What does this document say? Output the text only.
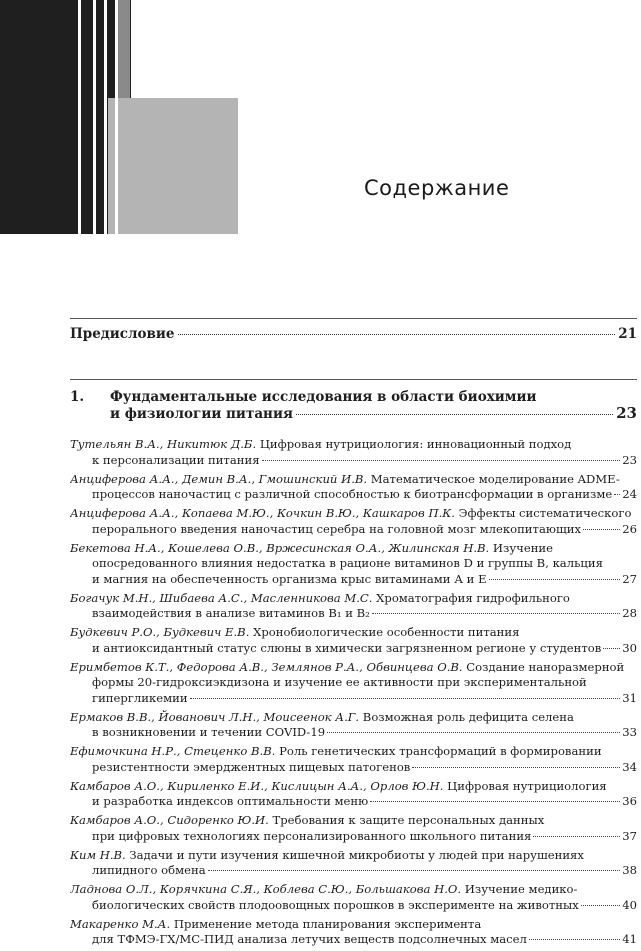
Содержание
Предисловие	21
1.	Фундаментальные исследования в области биохимии
и физиологии питания	23
Тутельян В.А., Никитюк Д.Б. Цифровая нутрициология: инновационный подход
к персонализации питания	23
Анциферова А.А., Демин В.А., Гмошинский И.В. Математическое моделирование ADME-
процессов наночастиц с различной способностью к биотрансформации в организме 24
Анциферова А.А., Копаева М.Ю., Кочкин В.Ю., Кашкаров П.К. Эффекты систематического
перорального введения наночастиц серебра на головной мозг млекопитающих	26
Бекетова Н.А., Кошелева О.В., Вржесинская О.А., Жилинская Н.В. Изучение
опосредованного влияния недостатка в рационе витаминов D и группы B, кальция
и магния на обеспеченность организма крыс витаминами А и Е	27
Богачук М.Н., Шибаева А.С., Масленникова М.С. Хроматография гидрофильного
взаимодействия в анализе витаминов B₁ и B₂	28
Будкевич Р.О., Будкевич Е.В. Хронобиологические особенности питания
и антиоксидантный статус слюны в химически загрязненном регионе у студентов 30
Еримбетов К.Т., Федорова А.В., Землянов Р.А., Обвинцева О.В. Создание наноразмерной
формы 20-гидроксиэкдизона и изучение ее активности при экспериментальной
гипергликемии	31
Ермаков В.В., Йованович Л.Н., Моисеенок А.Г. Возможная роль дефицита селена
в возникновении и течении COVID-19	33
Ефимочкина Н.Р., Стеценко В.В. Роль генетических трансформаций в формировании
резистентности эмерджентных пищевых патогенов	34
Камбаров А.О., Кириленко Е.И., Кислицын А.А., Орлов Ю.Н. Цифровая нутрициология
и разработка индексов оптимальности меню	36
Камбаров А.О., Сидоренко Ю.И. Требования к защите персональных данных
при цифровых технологиях персонализированного школьного питания	37
Ким Н.В. Задачи и пути изучения кишечной микробиоты у людей при нарушениях
липидного обмена	38
Ладнова О.Л., Корячкина С.Я., Коблева С.Ю., Большакова Н.О. Изучение медико-
биологических свойств плодоовощных порошков в эксперименте на животных	40
Макаренко М.А. Применение метода планирования эксперимента
для ТФМЭ-ГХ/МС-ПИД анализа летучих веществ подсолнечных масел	41
